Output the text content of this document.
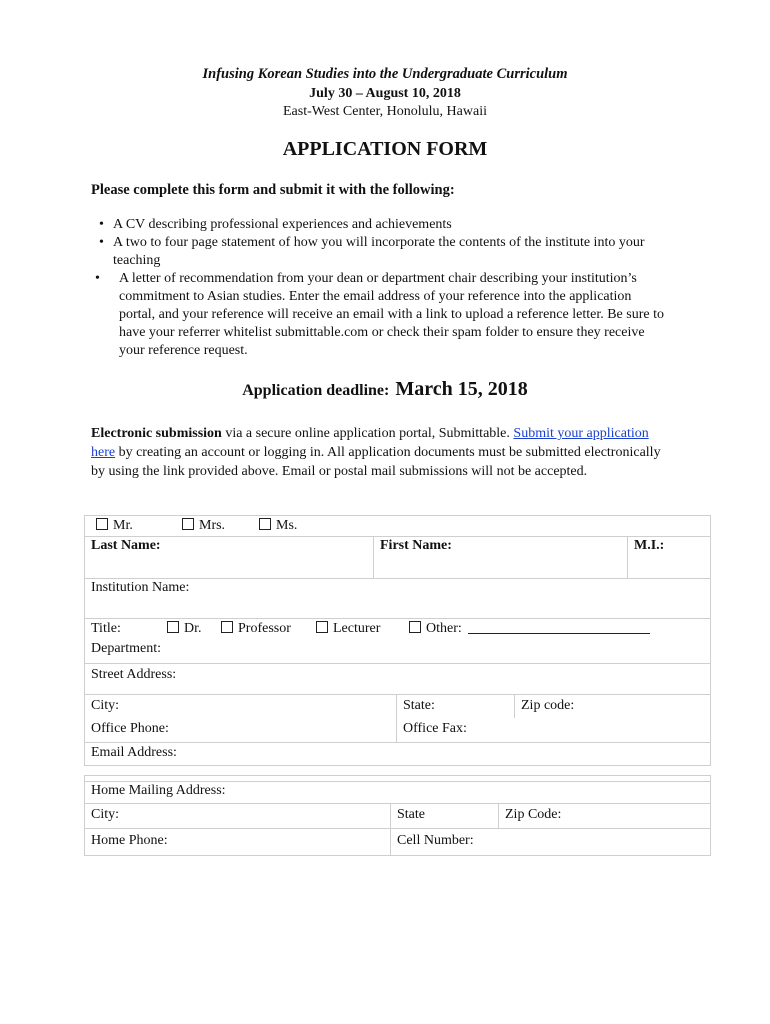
Infusing Korean Studies into the Undergraduate Curriculum
July 30 – August 10, 2018
East-West Center, Honolulu, Hawaii
APPLICATION FORM
Please complete this form and submit it with the following:
• A CV describing professional experiences and achievements
• A two to four page statement of how you will incorporate the contents of the institute into your teaching
• A letter of recommendation from your dean or department chair describing your institution’s commitment to Asian studies. Enter the email address of your reference into the application portal, and your reference will receive an email with a link to upload a reference letter. Be sure to have your referrer whitelist submittable.com or check their spam folder to ensure they receive your reference request.
Application deadline: March 15, 2018
Electronic submission via a secure online application portal, Submittable. Submit your application here by creating an account or logging in. All application documents must be submitted electronically by using the link provided above. Email or postal mail submissions will not be accepted.
Mr.	Mrs.	Ms.
Last Name:	First Name:	M.I.:
Institution Name:
Title:	Dr.	Professor	Lecturer	Other:
Department:
Street Address:
City:	State:	Zip code:
Office Phone:	Office Fax:
Email Address:
Home Mailing Address:
City:	State	Zip Code:
Home Phone:	Cell Number:
